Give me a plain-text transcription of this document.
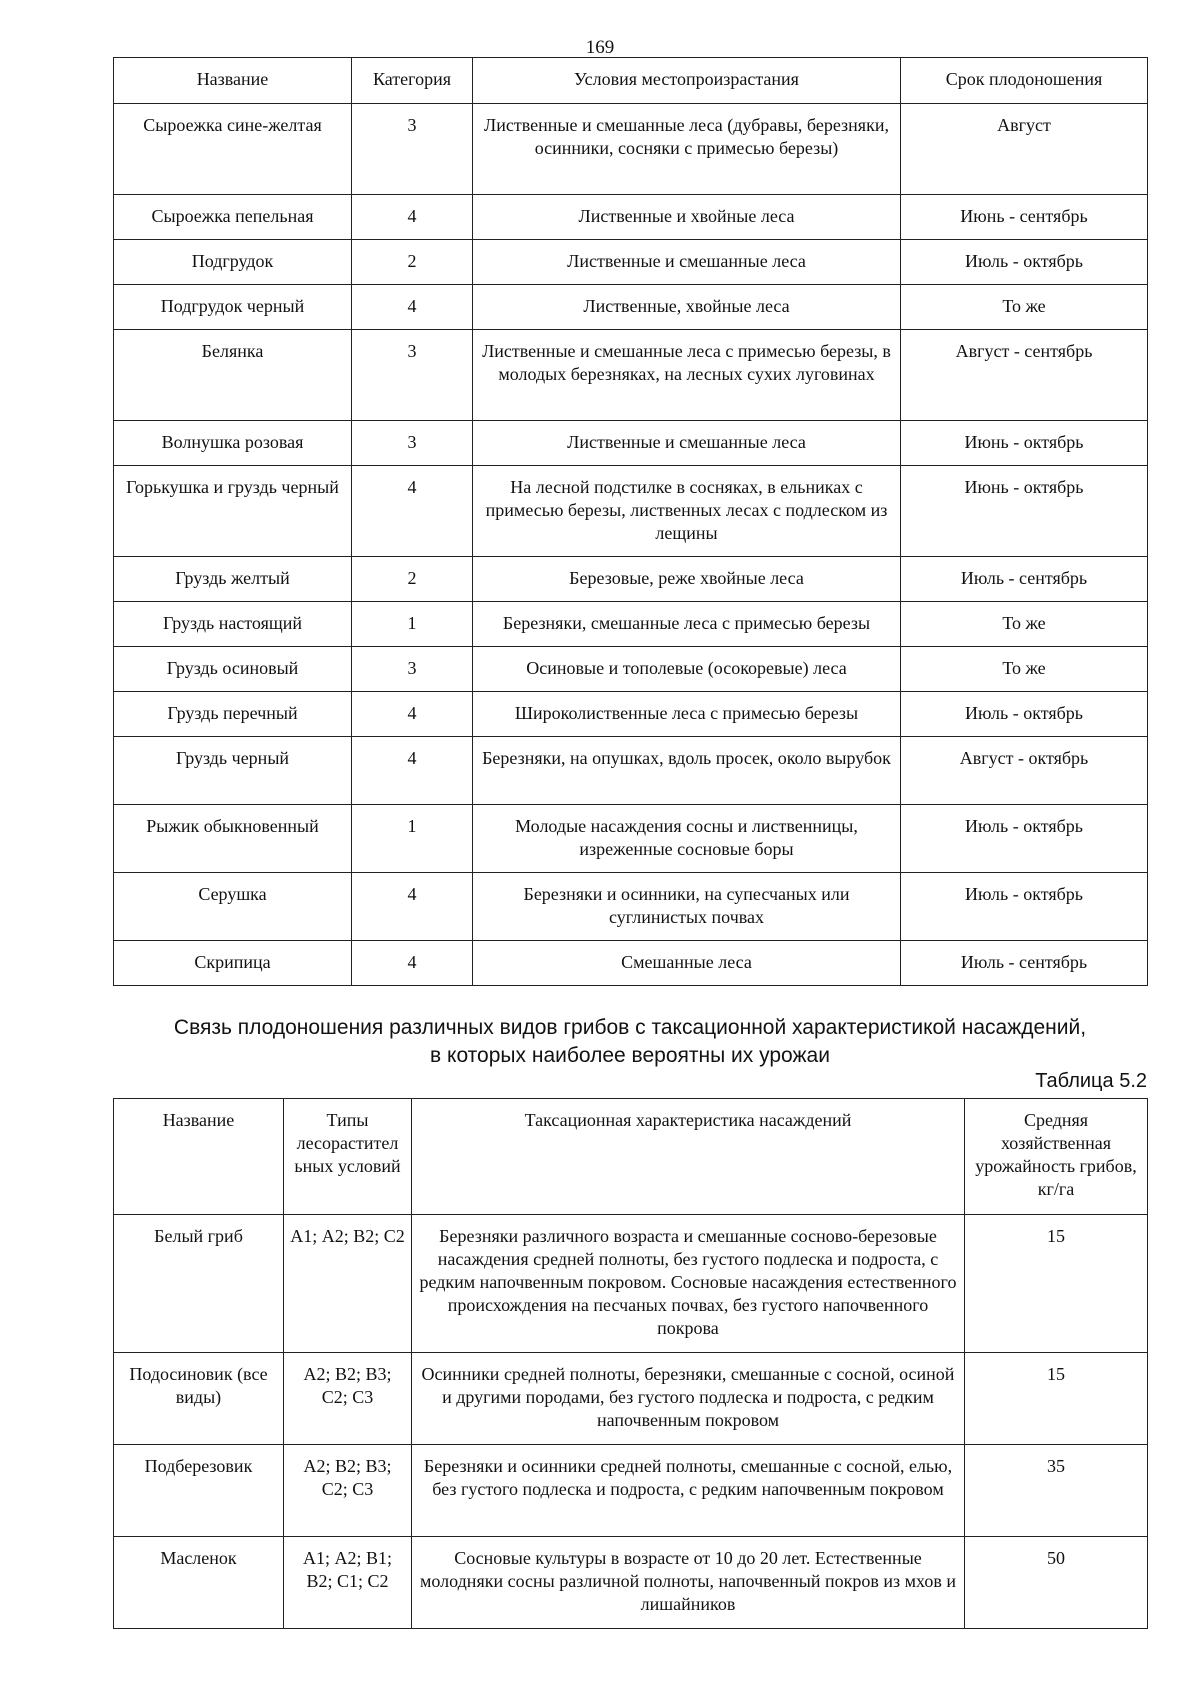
169
Название	Категория	Условия местопроизрастания	Срок плодоношения
Сыроежка сине-желтая	3	Лиственные и смешанные леса (дубравы, березняки, осинники, сосняки с примесью березы)	Август
Сыроежка пепельная	4	Лиственные и хвойные леса	Июнь - сентябрь
Подгрудок	2	Лиственные и смешанные леса	Июль - октябрь
Подгрудок черный	4	Лиственные, хвойные леса	То же
Белянка	3	Лиственные и смешанные леса с примесью березы, в молодых березняках, на лесных сухих луговинах	Август - сентябрь
Волнушка розовая	3	Лиственные и смешанные леса	Июнь - октябрь
Горькушка и груздь черный	4	На лесной подстилке в сосняках, в ельниках с примесью березы, лиственных лесах с подлеском из лещины	Июнь - октябрь
Груздь желтый	2	Березовые, реже хвойные леса	Июль - сентябрь
Груздь настоящий	1	Березняки, смешанные леса с примесью березы	То же
Груздь осиновый	3	Осиновые и тополевые (осокоревые) леса	То же
Груздь перечный	4	Широколиственные леса с примесью березы	Июль - октябрь
Груздь черный	4	Березняки, на опушках, вдоль просек, около вырубок	Август - октябрь
Рыжик обыкновенный	1	Молодые насаждения сосны и лиственницы, изреженные сосновые боры	Июль - октябрь
Серушка	4	Березняки и осинники, на супесчаных или суглинистых почвах	Июль - октябрь
Скрипица	4	Смешанные леса	Июль - сентябрь
Связь плодоношения различных видов грибов с таксационной характеристикой насаждений,
в которых наиболее вероятны их урожаи
Таблица 5.2
Название	Типы лесорастител ьных условий	Таксационная характеристика насаждений	Средняя хозяйственная урожайность грибов, кг/га
Белый гриб	А1; А2; В2; С2	Березняки различного возраста и смешанные сосново-березовые насаждения средней полноты, без густого подлеска и подроста, с редким напочвенным покровом. Сосновые насаждения естественного происхождения на песчаных почвах, без густого напочвенного покрова	15
Подосиновик (все виды)	А2; В2; В3; С2; С3	Осинники средней полноты, березняки, смешанные с сосной, осиной и другими породами, без густого подлеска и подроста, с редким напочвенным покровом	15
Подберезовик	А2; В2; В3; С2; С3	Березняки и осинники средней полноты, смешанные с сосной, елью, без густого подлеска и подроста, с редким напочвенным покровом	35
Масленок	А1; А2; В1; В2; С1; С2	Сосновые культуры в возрасте от 10 до 20 лет. Естественные молодняки сосны различной полноты, напочвенный покров из мхов и лишайников	50
